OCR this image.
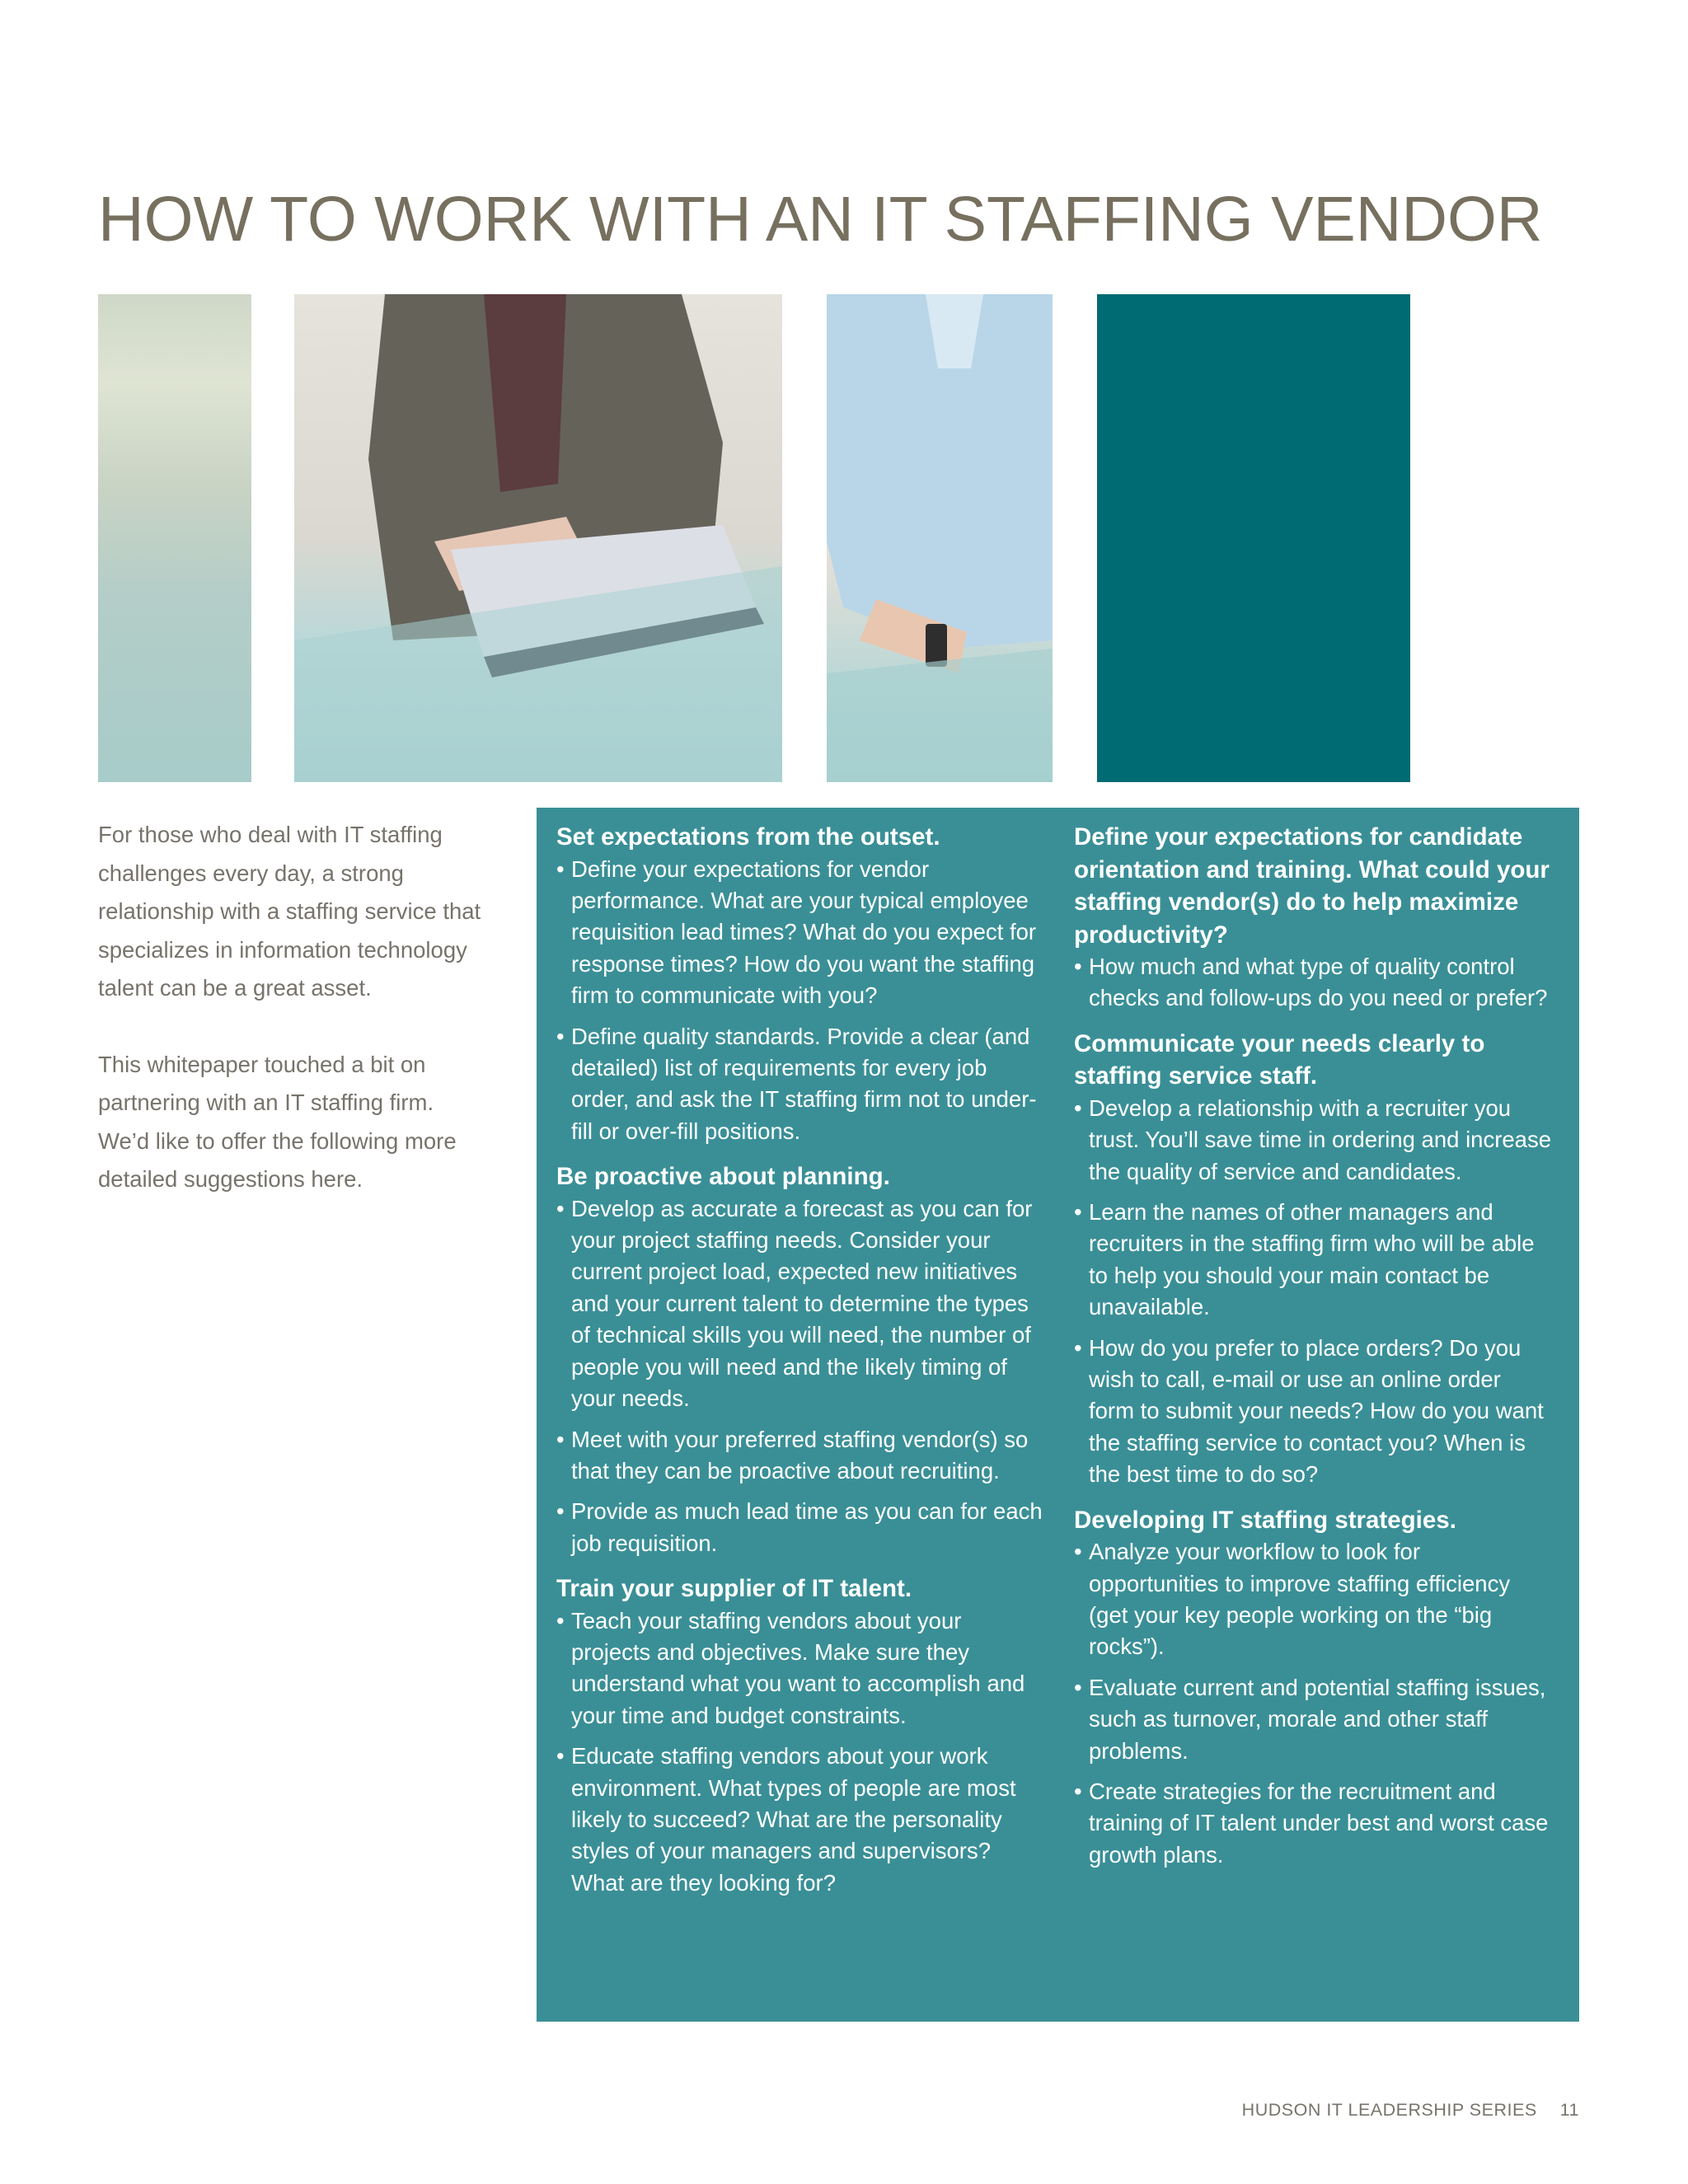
HOW TO WORK WITH AN IT STAFFING VENDOR

For those who deal with IT staffing challenges every day, a strong relationship with a staffing service that specializes in information technology talent can be a great asset.

This whitepaper touched a bit on partnering with an IT staffing firm. We’d like to offer the following more detailed suggestions here.

Set expectations from the outset.
• Define your expectations for vendor performance. What are your typical employee requisition lead times? What do you expect for response times? How do you want the staffing firm to communicate with you?
• Define quality standards. Provide a clear (and detailed) list of requirements for every job order, and ask the IT staffing firm not to under-fill or over-fill positions.
Be proactive about planning.
• Develop as accurate a forecast as you can for your project staffing needs. Consider your current project load, expected new initiatives and your current talent to determine the types of technical skills you will need, the number of people you will need and the likely timing of your needs.
• Meet with your preferred staffing vendor(s) so that they can be proactive about recruiting.
• Provide as much lead time as you can for each job requisition.
Train your supplier of IT talent.
• Teach your staffing vendors about your projects and objectives. Make sure they understand what you want to accomplish and your time and budget constraints.
• Educate staffing vendors about your work environment. What types of people are most likely to succeed? What are the personality styles of your managers and supervisors? What are they looking for?
Define your expectations for candidate orientation and training. What could your staffing vendor(s) do to help maximize productivity?
• How much and what type of quality control checks and follow-ups do you need or prefer?
Communicate your needs clearly to staffing service staff.
• Develop a relationship with a recruiter you trust. You’ll save time in ordering and increase the quality of service and candidates.
• Learn the names of other managers and recruiters in the staffing firm who will be able to help you should your main contact be unavailable.
• How do you prefer to place orders? Do you wish to call, e-mail or use an online order form to submit your needs? How do you want the staffing service to contact you? When is the best time to do so?
Developing IT staffing strategies.
• Analyze your workflow to look for opportunities to improve staffing efficiency (get your key people working on the “big rocks”).
• Evaluate current and potential staffing issues, such as turnover, morale and other staff problems.
• Create strategies for the recruitment and training of IT talent under best and worst case growth plans.
HUDSON IT LEADERSHIP SERIES 11
